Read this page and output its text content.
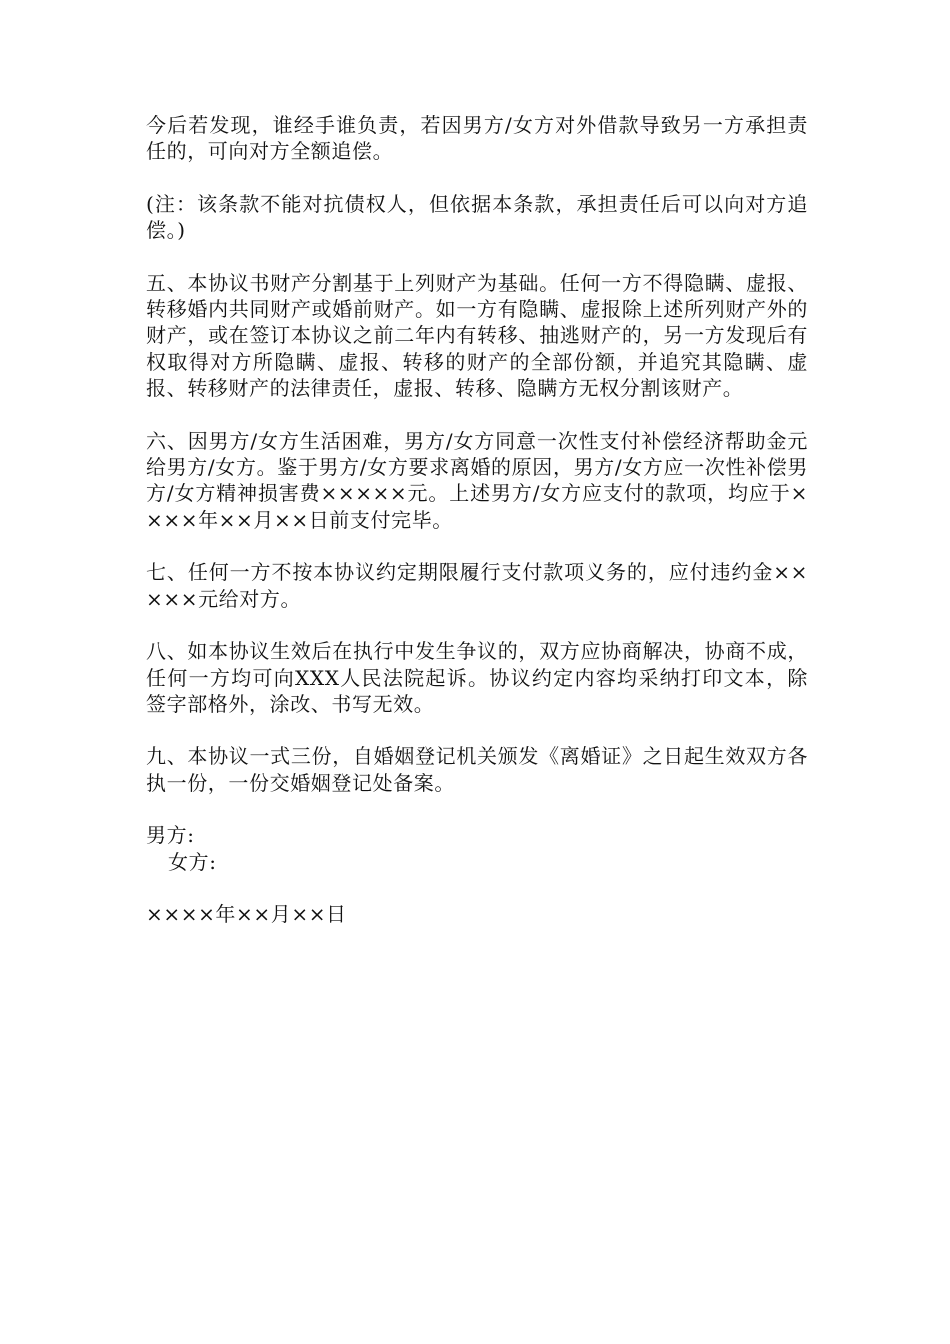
今后若发现，谁经手谁负责，若因男方/女方对外借款导致另一方承担责任的，可向对方全额追偿。

(注：该条款不能对抗债权人，但依据本条款，承担责任后可以向对方追偿。)

五、本协议书财产分割基于上列财产为基础。任何一方不得隐瞒、虚报、转移婚内共同财产或婚前财产。如一方有隐瞒、虚报除上述所列财产外的财产，或在签订本协议之前二年内有转移、抽逃财产的，另一方发现后有权取得对方所隐瞒、虚报、转移的财产的全部份额，并追究其隐瞒、虚报、转移财产的法律责任，虚报、转移、隐瞒方无权分割该财产。

六、因男方/女方生活困难，男方/女方同意一次性支付补偿经济帮助金元给男方/女方。鉴于男方/女方要求离婚的原因，男方/女方应一次性补偿男方/女方精神损害费×××××元。上述男方/女方应支付的款项，均应于××××年××月××日前支付完毕。

七、任何一方不按本协议约定期限履行支付款项义务的，应付违约金×××××元给对方。

八、如本协议生效后在执行中发生争议的，双方应协商解决，协商不成，任何一方均可向XXX人民法院起诉。协议约定内容均采纳打印文本，除签字部格外，涂改、书写无效。

九、本协议一式三份，自婚姻登记机关颁发《离婚证》之日起生效双方各执一份，一份交婚姻登记处备案。

男方:

女方:

××××年××月××日
